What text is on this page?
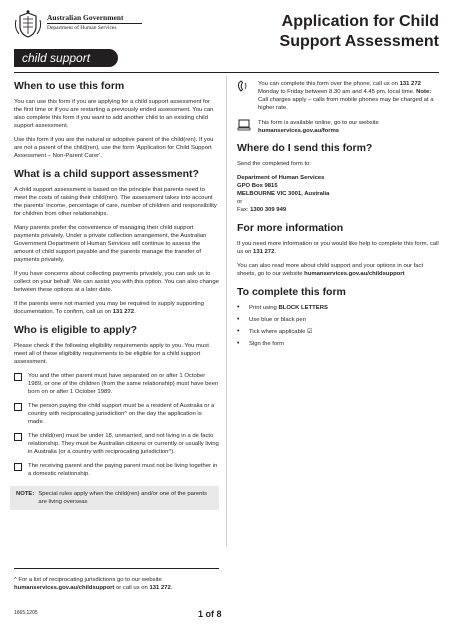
Australian Government
Department of Human Services
child support
Application for Child
Support Assessment
When to use this form

You can use this form if you are applying for a child support assessment for the first time or if you are restarting a previously ended assessment. You can also complete this form if you want to add another child to an existing child support assessment.

Use this form if you are the natural or adoptive parent of the child(ren). If you are not a parent of the child(ren), use the form 'Application for Child Support Assessment – Non-Parent Carer'.

What is a child support assessment?

A child support assessment is based on the principle that parents need to meet the costs of raising their child(ren). The assessment takes into account the parents' income, percentage of care, number of children and responsibility for children from other relationships.

Many parents prefer the convenience of managing their child support payments privately. Under a private collection arrangement, the Australian Government Department of Human Services will continue to assess the amount of child support payable and the parents manage the transfer of payments privately.

If you have concerns about collecting payments privately, you can ask us to collect on your behalf. We can assist you with this option. You can also change between these options at a later date.

If the parents were not married you may be required to supply supporting documentation. To confirm, call us on 131 272.

Who is eligible to apply?

Please check if the following eligibility requirements apply to you. You must meet all of these eligibility requirements to be eligible for a child support assessment.

You and the other parent must have separated on or after 1 October 1989, or one of the children (from the same relationship) must have been born on or after 1 October 1989.
The person paying the child support must be a resident of Australia or a country with reciprocating jurisdiction^ on the day the application is made.
The child(ren) must be under 18, unmarried, and not living in a de facto relationship. They must be Australian citizens or currently or usually living in Australia (or a country with reciprocating jurisdiction^).
The receiving parent and the paying parent must not be living together in a domestic relationship.
NOTE: Special rules apply when the child(ren) and/or one of the parents are living overseas
^ For a list of reciprocating jurisdictions go to our website humanservices.gov.au/childsupport or call us on 131 272.
1665.1205	1 of 8
You can complete this form over the phone, call us on 131 272 Monday to Friday between 8.30 am and 4.45 pm, local time. Note: Call charges apply – calls from mobile phones may be charged at a higher rate.
This form is available online, go to our website humanservices.gov.au/forms
Where do I send this form?

Send the completed form to:

Department of Human Services
GPO Box 9815
MELBOURNE VIC 3001, Australia

or

Fax: 1300 309 949

For more information

If you need more information or you would like help to complete this form, call us on 131 272.

You can also read more about child support and your options in our fact sheets, go to our website humanservices.gov.au/childsupport

To complete this form
•	Print using BLOCK LETTERS
•	Use blue or black pen
•	Tick where applicable ☑
•	Sign the form
